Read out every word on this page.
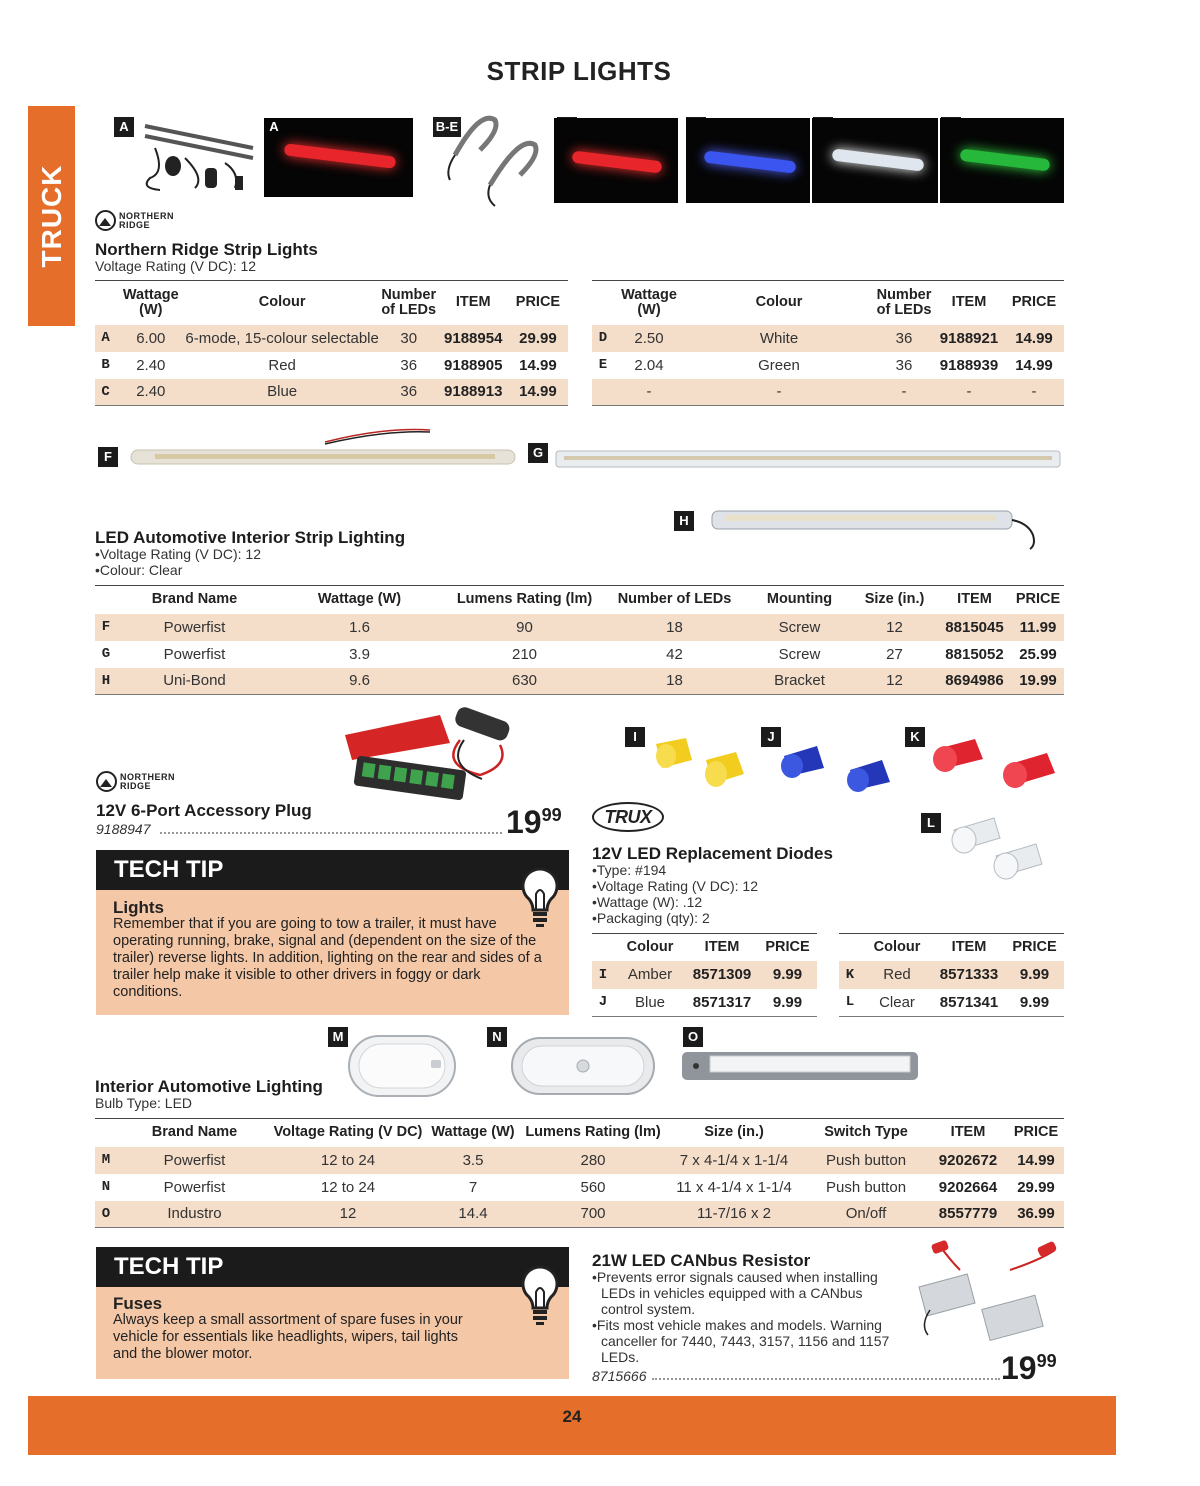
STRIP LIGHTS
TRUCK
A	A	B-E
NORTHERN RIDGE
Northern Ridge Strip Lights
Voltage Rating (V DC): 12
	Wattage (W)	Colour	Number of LEDs	ITEM	PRICE
A	6.00	6-mode, 15-colour selectable	30	9188954	29.99
B	2.40	Red	36	9188905	14.99
C	2.40	Blue	36	9188913	14.99
	Wattage (W)	Colour	Number of LEDs	ITEM	PRICE
D	2.50	White	36	9188921	14.99
E	2.04	Green	36	9188939	14.99
	-	-	-	-	-
F	G
H
LED Automotive Interior Strip Lighting
•Voltage Rating (V DC): 12
•Colour: Clear
	Brand Name	Wattage (W)	Lumens Rating (lm)	Number of LEDs	Mounting	Size (in.)	ITEM	PRICE
F	Powerfist	1.6	90	18	Screw	12	8815045	11.99
G	Powerfist	3.9	210	42	Screw	27	8815052	25.99
H	Uni-Bond	9.6	630	18	Bracket	12	8694986	19.99
NORTHERN RIDGE
12V 6-Port Accessory Plug
9188947	$19^{99}$
TECH TIP
Lights
Remember that if you are going to tow a trailer, it must have operating running, brake, signal and (dependent on the size of the trailer) reverse lights. In addition, lighting on the rear and sides of a trailer help make it visible to other drivers in foggy or dark conditions.
I	J	K
L
TRUX
12V LED Replacement Diodes
•Type: #194
•Voltage Rating (V DC): 12
•Wattage (W): .12
•Packaging (qty): 2
	Colour	ITEM	PRICE
I	Amber	8571309	9.99
J	Blue	8571317	9.99
	Colour	ITEM	PRICE
K	Red	8571333	9.99
L	Clear	8571341	9.99
M	N	O
Interior Automotive Lighting
Bulb Type: LED
	Brand Name	Voltage Rating (V DC)	Wattage (W)	Lumens Rating (lm)	Size (in.)	Switch Type	ITEM	PRICE
M	Powerfist	12 to 24	3.5	280	7 x 4-1/4 x 1-1/4	Push button	9202672	14.99
N	Powerfist	12 to 24	7	560	11 x 4-1/4 x 1-1/4	Push button	9202664	29.99
O	Industro	12	14.4	700	11-7/16 x 2	On/off	8557779	36.99
TECH TIP
Fuses
Always keep a small assortment of spare fuses in your vehicle for essentials like headlights, wipers, tail lights and the blower motor.
21W LED CANbus Resistor
•Prevents error signals caused when installing LEDs in vehicles equipped with a CANbus control system.
•Fits most vehicle makes and models. Warning canceller for 7440, 7443, 3157, 1156 and 1157 LEDs.
8715666	$19^{99}$
24
